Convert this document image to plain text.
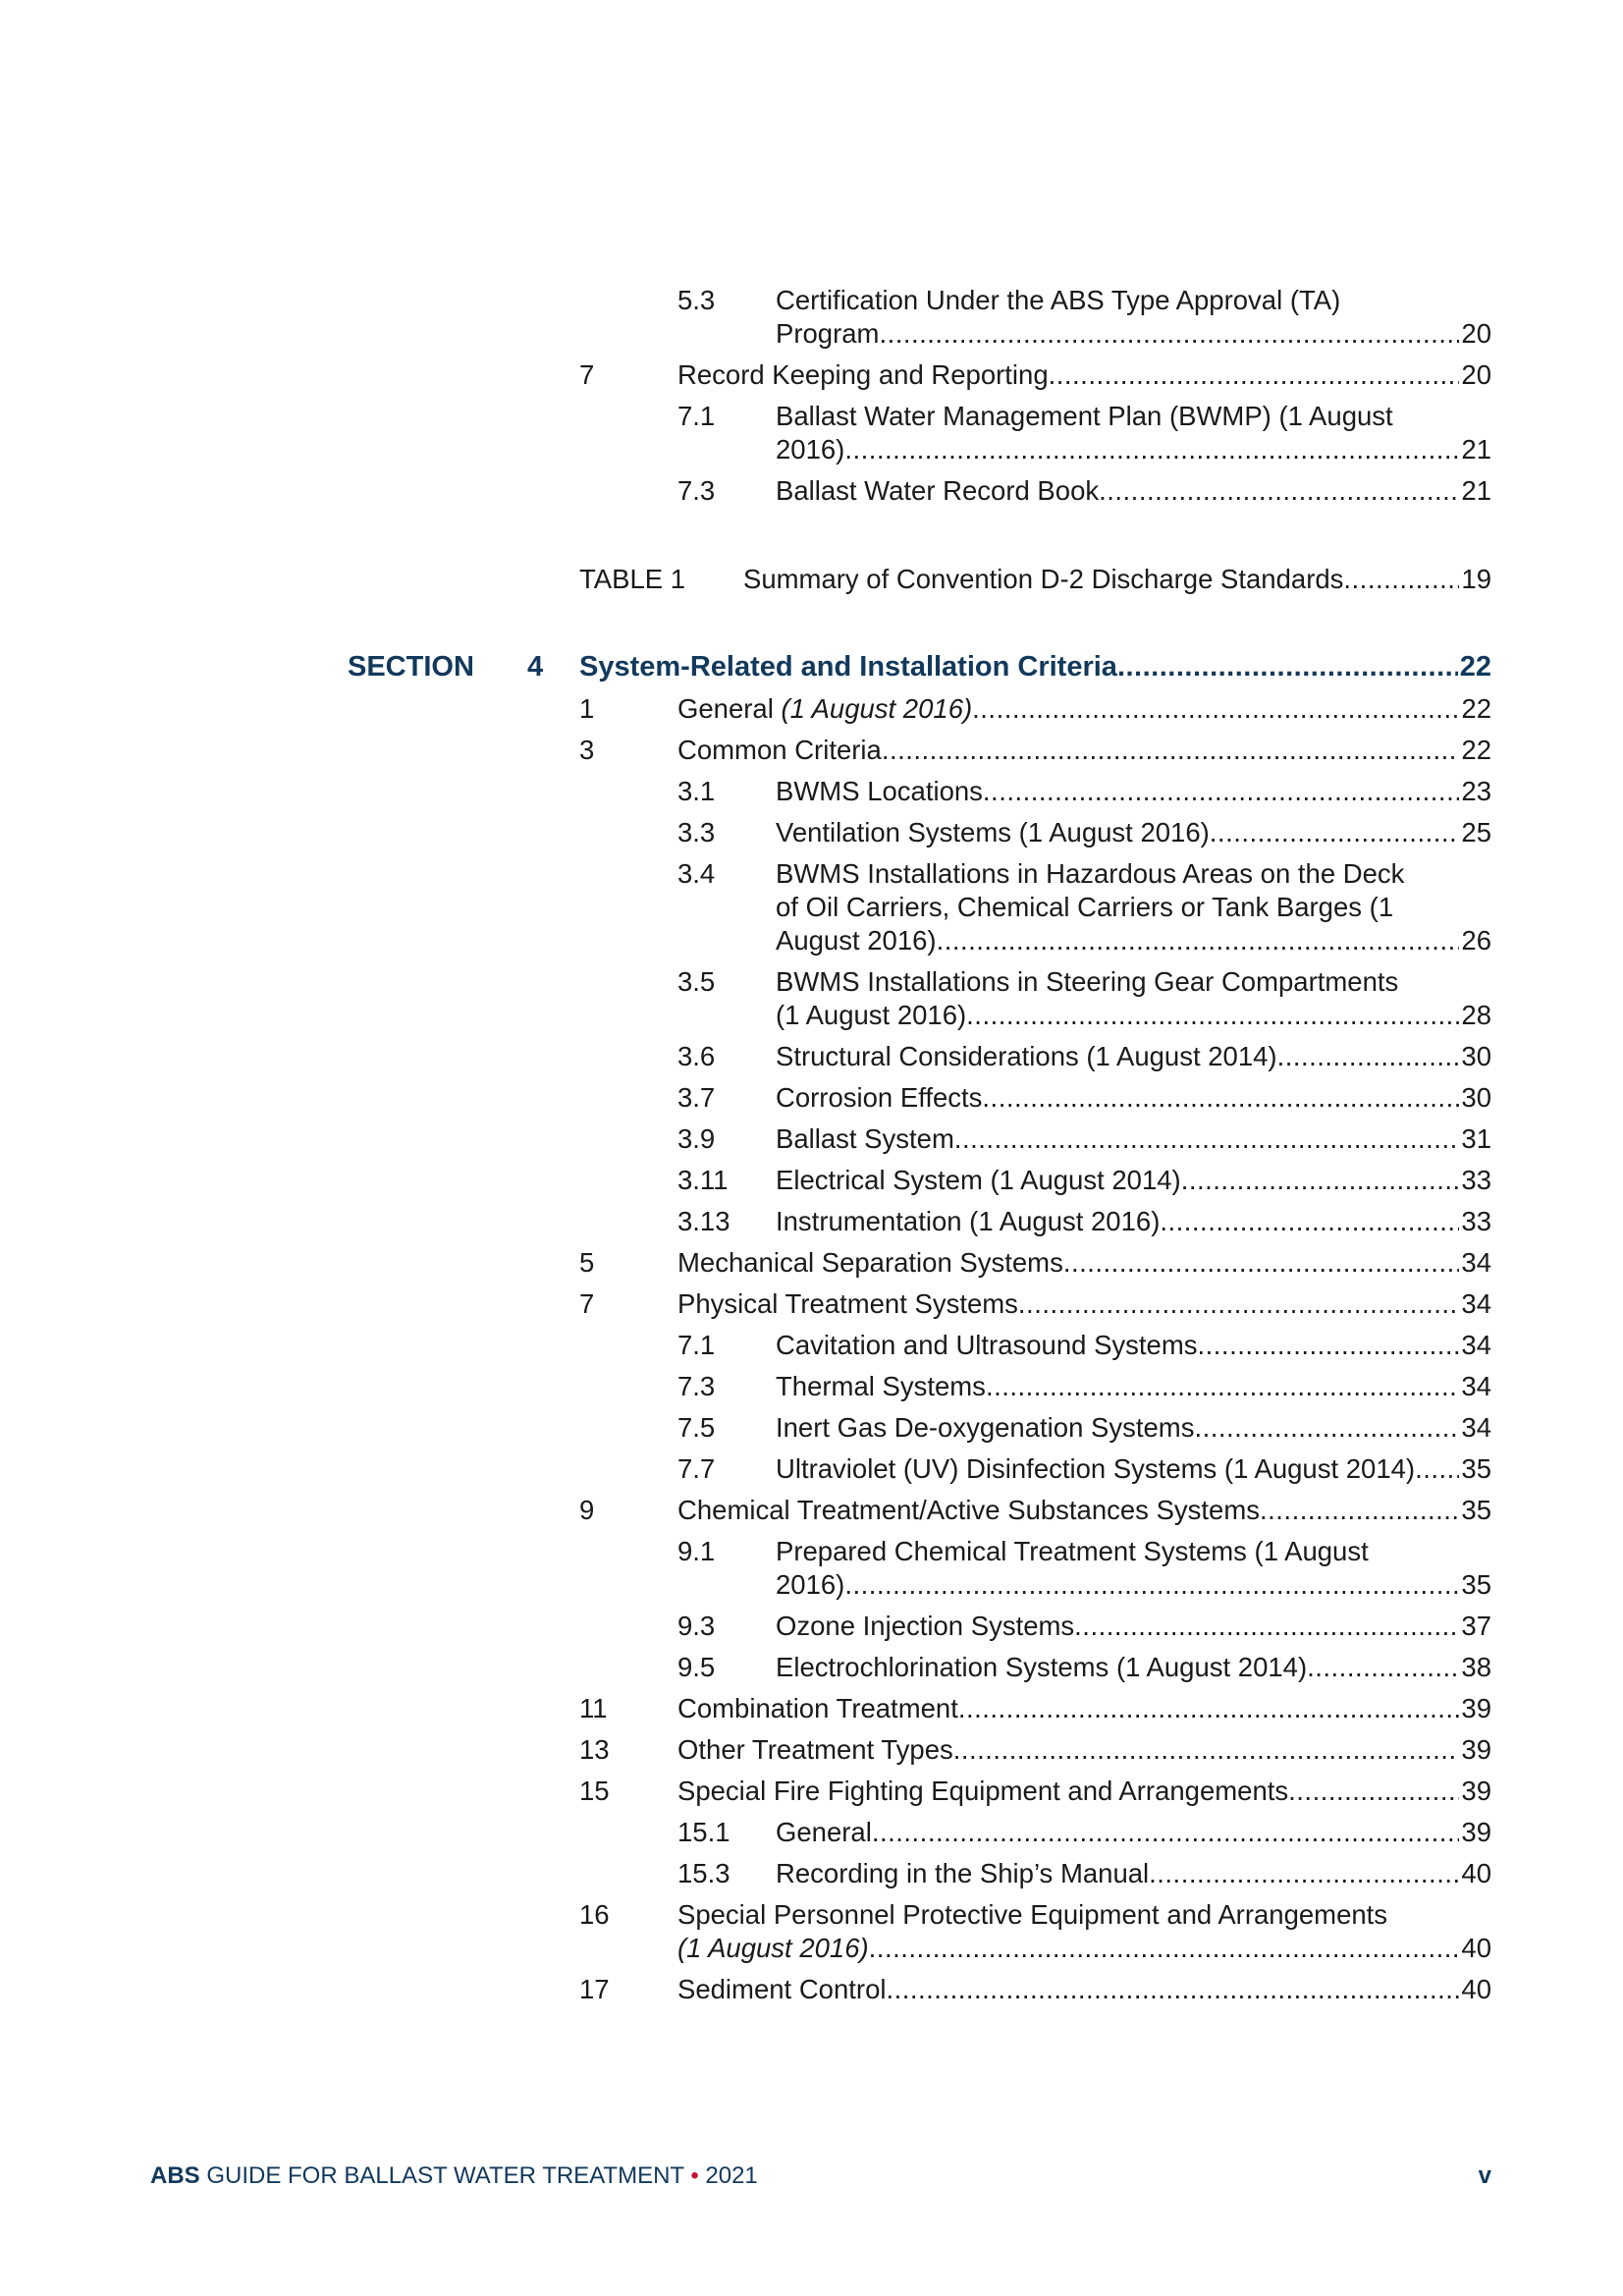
5.3 Certification Under the ABS Type Approval (TA)
Program .....	20
7	Record Keeping and Reporting .....	20
7.1 Ballast Water Management Plan (BWMP) (1 August
2016) .....	21
7.3 Ballast Water Record Book .....	21
TABLE 1 Summary of Convention D-2 Discharge Standards .....	19
SECTION 4 System-Related and Installation Criteria .....	22
1	General (1 August 2016) .....	22
3	Common Criteria .....	22
3.1 BWMS Locations .....	23
3.3 Ventilation Systems (1 August 2016) .....	25
3.4 BWMS Installations in Hazardous Areas on the Deck
of Oil Carriers, Chemical Carriers or Tank Barges (1
August 2016) .....	26
3.5 BWMS Installations in Steering Gear Compartments
(1 August 2016) .....	28
3.6 Structural Considerations (1 August 2014) .....	30
3.7 Corrosion Effects .....	30
3.9 Ballast System .....	31
3.11 Electrical System (1 August 2014) .....	33
3.13 Instrumentation (1 August 2016) .....	33
5	Mechanical Separation Systems .....	34
7	Physical Treatment Systems .....	34
7.1 Cavitation and Ultrasound Systems .....	34
7.3 Thermal Systems .....	34
7.5 Inert Gas De-oxygenation Systems .....	34
7.7 Ultraviolet (UV) Disinfection Systems (1 August 2014) ..... 35
9	Chemical Treatment/Active Substances Systems .....	35
9.1 Prepared Chemical Treatment Systems (1 August
2016) .....	35
9.3 Ozone Injection Systems .....	37
9.5 Electrochlorination Systems (1 August 2014) .....	38
11	Combination Treatment .....	39
13	Other Treatment Types .....	39
15	Special Fire Fighting Equipment and Arrangements .....	39
15.1 General .....	39
15.3 Recording in the Ship’s Manual .....	40
16	Special Personnel Protective Equipment and Arrangements
(1 August 2016) .....	40
17	Sediment Control .....	40
ABS GUIDE FOR BALLAST WATER TREATMENT • 2021	v
